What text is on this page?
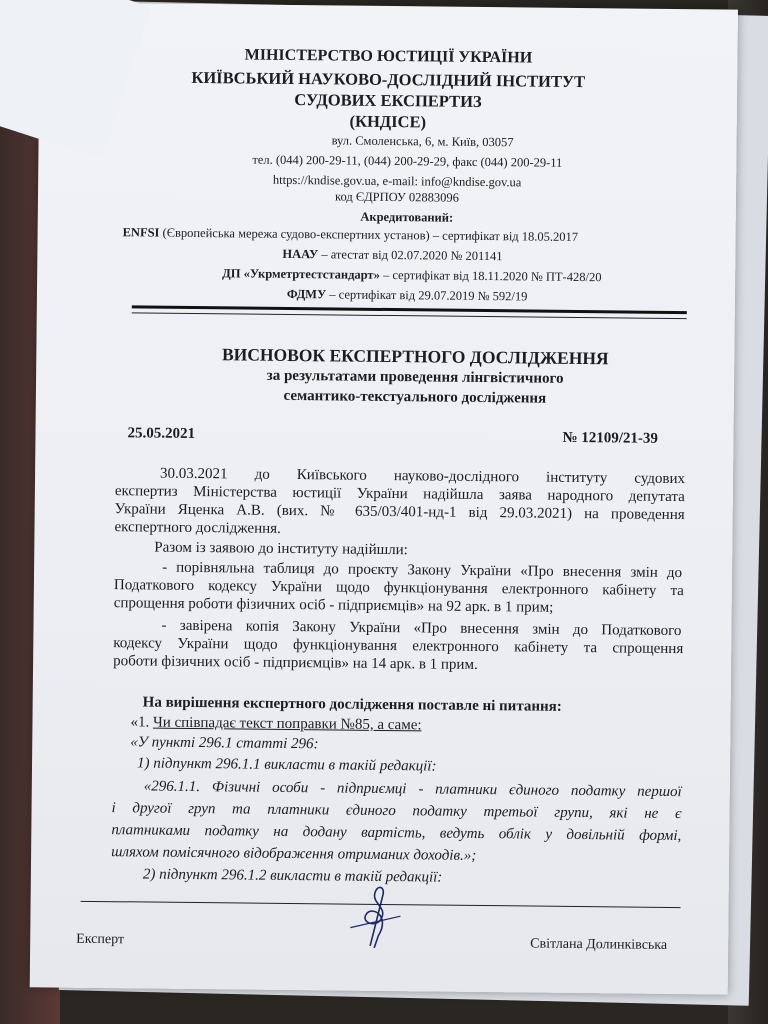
МІНІСТЕРСТВО ЮСТИЦІЇ УКРАЇНИ
КИЇВСЬКИЙ НАУКОВО-ДОСЛІДНИЙ ІНСТИТУТ
СУДОВИХ ЕКСПЕРТИЗ
(КНДІСЕ)
вул. Смоленська, 6, м. Київ, 03057
тел. (044) 200-29-11, (044) 200-29-29, факс (044) 200-29-11
https://kndise.gov.ua, e-mail: info@kndise.gov.ua
код ЄДРПОУ 02883096
Акредитований:
ENFSI (Європейська мережа судово-експертних установ) – сертифікат від 18.05.2017
НААУ – атестат від 02.07.2020 № 201141
ДП «Укрметртестстандарт» – сертифікат від 18.11.2020 № ПТ-428/20
ФДМУ – сертифікат від 29.07.2019 № 592/19
ВИСНОВОК ЕКСПЕРТНОГО ДОСЛІДЖЕННЯ
за результатами проведення лінгвістичного
семантико-текстуального дослідження
25.05.2021	№ 12109/21-39
30.03.2021 до Київського науково-дослідного інституту судових
експертиз Міністерства юстиції України надійшла заява народного депутата
України Яценка А.В. (вих. № 635/03/401-нд-1 від 29.03.2021) на проведення
експертного дослідження.
Разом із заявою до інституту надійшли:
- порівняльна таблиця до проєкту Закону України «Про внесення змін до
Податкового кодексу України щодо функціонування електронного кабінету та
спрощення роботи фізичних осіб - підприємців» на 92 арк. в 1 прим;
- завірена копія Закону України «Про внесення змін до Податкового
кодексу України щодо функціонування електронного кабінету та спрощення
роботи фізичних осіб - підприємців» на 14 арк. в 1 прим.
На вирішення експертного дослідження поставле ні питання:
«1. Чи співпадає текст поправки №85, а саме:
«У пункті 296.1 статті 296:
1) підпункт 296.1.1 викласти в такій редакції:
«296.1.1. Фізичні особи - підприємці - платники єдиного податку першої
і другої груп та платники єдиного податку третьої групи, які не є
платниками податку на додану вартість, ведуть облік у довільній формі,
шляхом помісячного відображення отриманих доходів.»;
2) підпункт 296.1.2 викласти в такій редакції:
Експерт	Світлана Долинківська
